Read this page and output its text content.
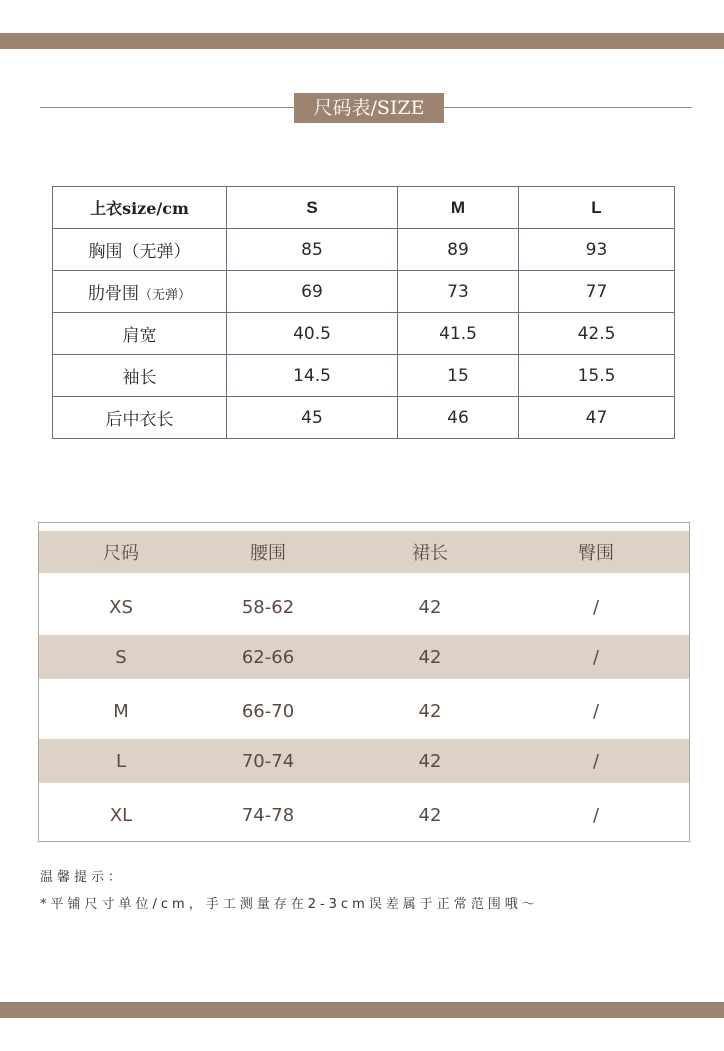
尺码表/SIZE
上衣size/cm	S	M	L
胸围（无弹）	85	89	93
肋骨围（无弹）	69	73	77
肩宽	40.5	41.5	42.5
袖长	14.5	15	15.5
后中衣长	45	46	47
尺码	腰围	裙长	臀围
XS	58-62	42	/
S	62-66	42	/
M	66-70	42	/
L	70-74	42	/
XL	74-78	42	/
温馨提示：
*平铺尺寸单位/cm，手工测量存在2-3cm误差属于正常范围哦～
